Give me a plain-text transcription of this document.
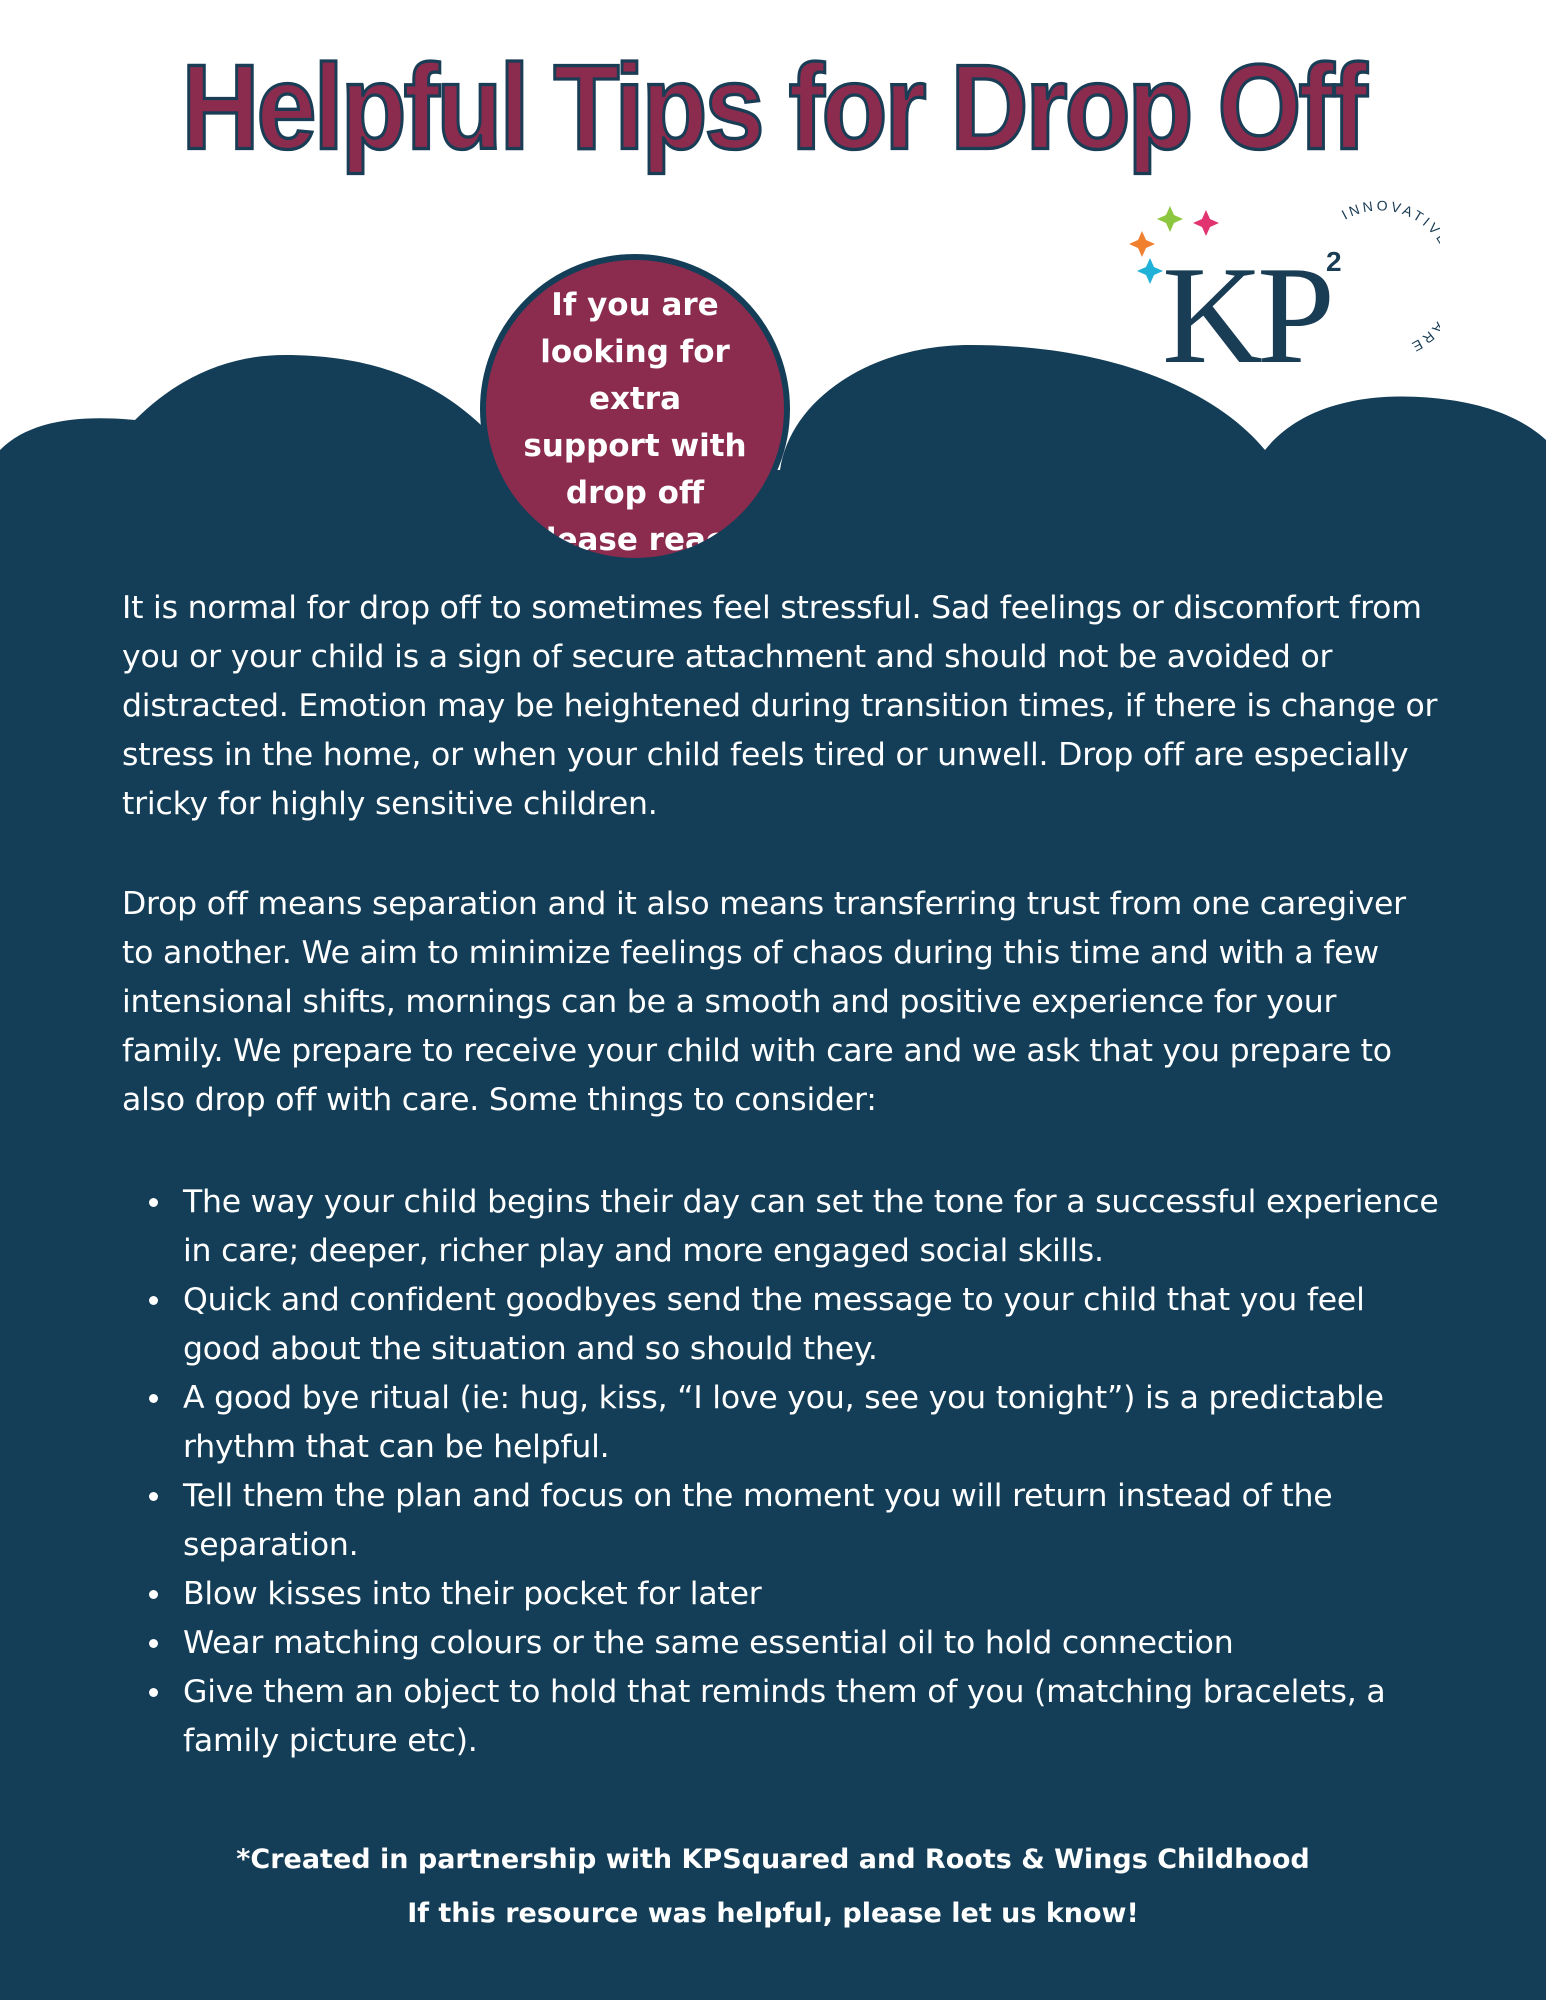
Helpful Tips for Drop Off
KP
2
INNOVATI RE
If you are looking for extra support with drop off please reach

It is normal for drop off to sometimes feel stressful. Sad feelings or discomfort from you or your child is a sign of secure attachment and should not be avoided or distracted. Emotion may be heightened during transition times, if there is change or stress in the home, or when your child feels tired or unwell. Drop off are especially tricky for highly sensitive children.

Drop off means separation and it also means transferring trust from one caregiver to another. We aim to minimize feelings of chaos during this time and with a few intensional shifts, mornings can be a smooth and positive experience for your family. We prepare to receive your child with care and we ask that you prepare to also drop off with care. Some things to consider:

The way your child begins their day can set the tone for a successful experience in care; deeper, richer play and more engaged social skills.
Quick and confident goodbyes send the message to your child that you feel good about the situation and so should they.
A good bye ritual (ie: hug, kiss, “I love you, see you tonight”) is a predictable rhythm that can be helpful.
Tell them the plan and focus on the moment you will return instead of the separation.
Blow kisses into their pocket for later
Wear matching colours or the same essential oil to hold connection
Give them an object to hold that reminds them of you (matching bracelets, a family picture etc).
*Created in partnership with KPSquared and Roots & Wings Childhood
If this resource was helpful, please let us know!
